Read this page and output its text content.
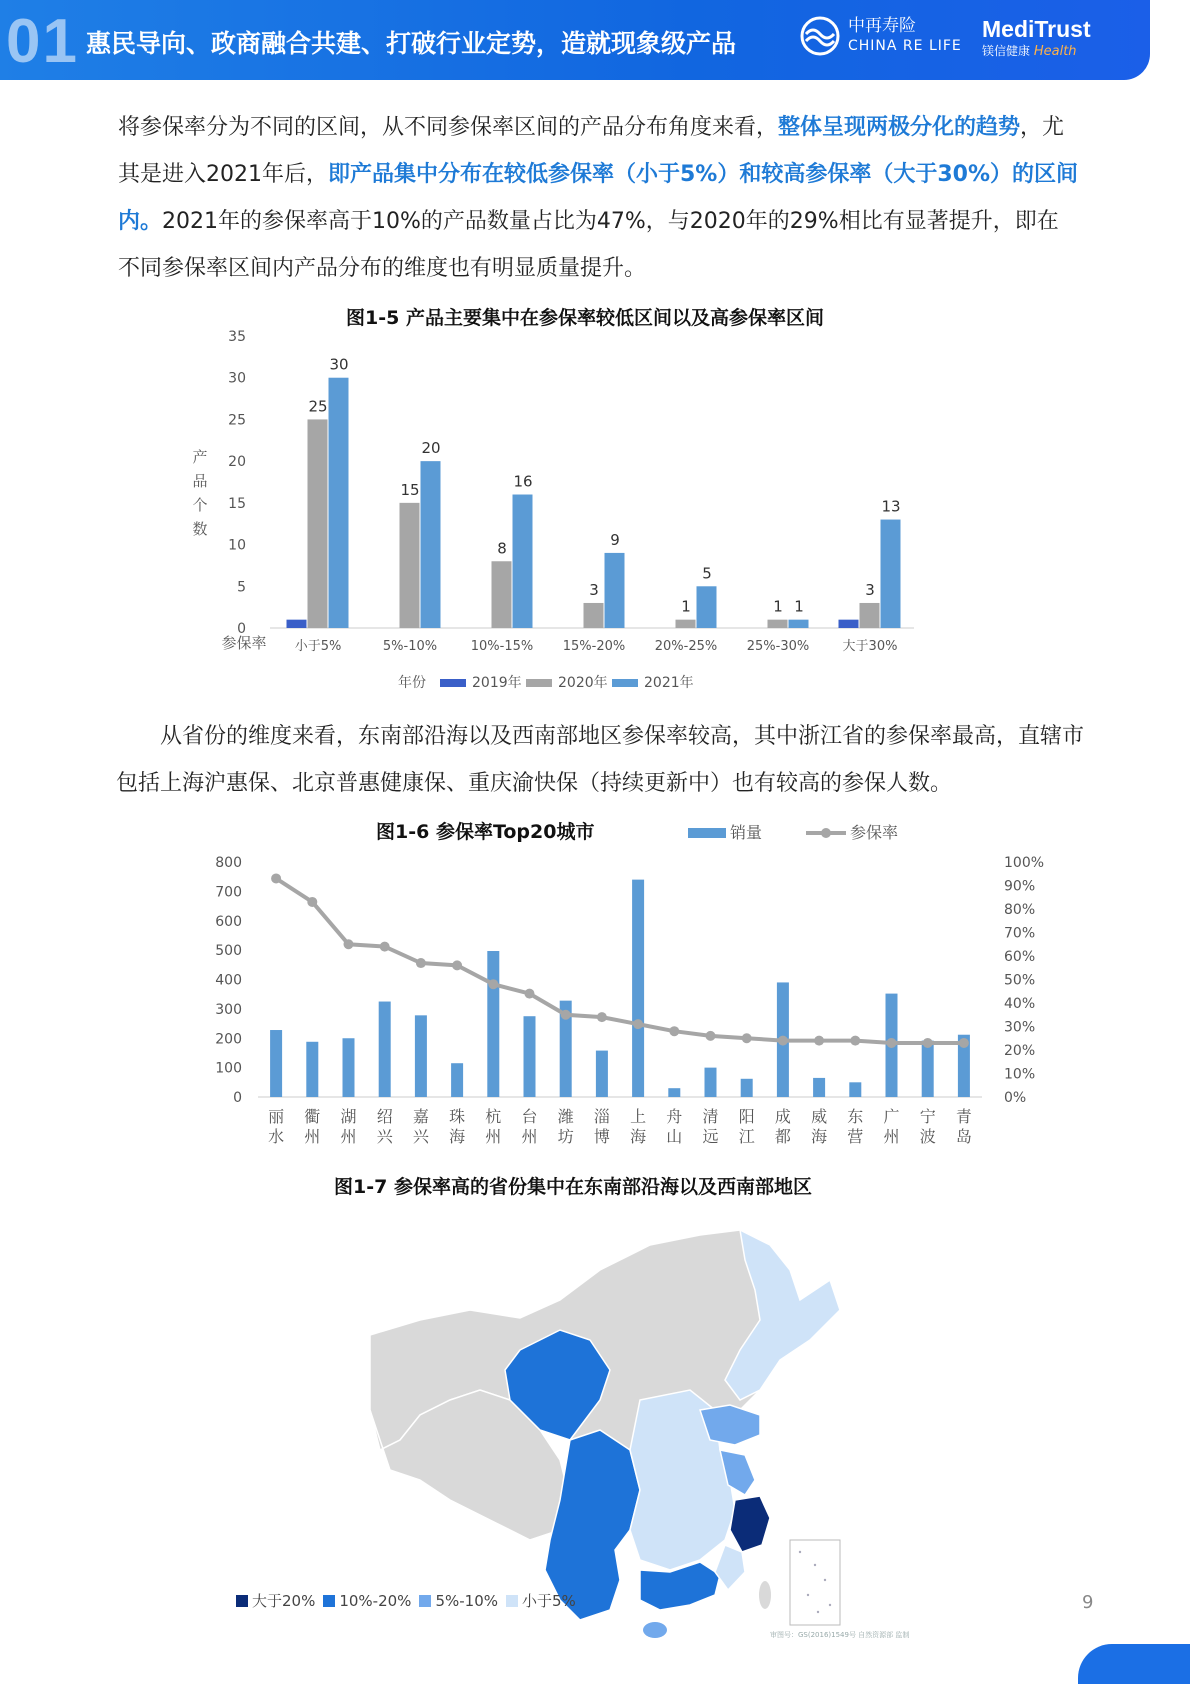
01 惠民导向、政商融合共建、打破行业定势，造就现象级产品
中再寿险
CHINA RE LIFE
MediTrust
镁信健康 Health
将参保率分为不同的区间，从不同参保率区间的产品分布角度来看，整体呈现两极分化的趋势，尤其是进入2021年后，即产品集中分布在较低参保率（小于5%）和较高参保率（大于30%）的区间内。2021年的参保率高于10%的产品数量占比为47%，与2020年的29%相比有显著提升，即在不同参保率区间内产品分布的维度也有明显质量提升。
图1-5 产品主要集中在参保率较低区间以及高参保率区间
0
5
10
15
20
25
30
35
产
品
个
数
参保率
25
30
小于5%
15
20
5%-10%
8
16
10%-15%
3
9
15%-20%
1
5
20%-25%
1 1
25%-30%
3
13
大于30%
年份	2019年	2020年	2021年
从省份的维度来看，东南部沿海以及西南部地区参保率较高，其中浙江省的参保率最高，直辖市包括上海沪惠保、北京普惠健康保、重庆渝快保（持续更新中）也有较高的参保人数。
图1-6 参保率Top20城市	销量	参保率
0
100
200
300
400
500
600
700
800
0%
10%
20%
30%
40%
50%
60%
70%
80%
90%
100%
丽
水
衢
州
湖
州
绍
兴
嘉
兴
珠
海
杭
州
台
州
潍
坊
淄
博
上
海
舟
山
清
远
阳
江
成
都
威
海
东
营
广
州
宁
波
青
岛
图1-7 参保率高的省份集中在东南部沿海以及西南部地区
大于20% 10%-20% 5%-10% 小于5%
审图号：GS(2016)1549号 自然资源部 监制
9
